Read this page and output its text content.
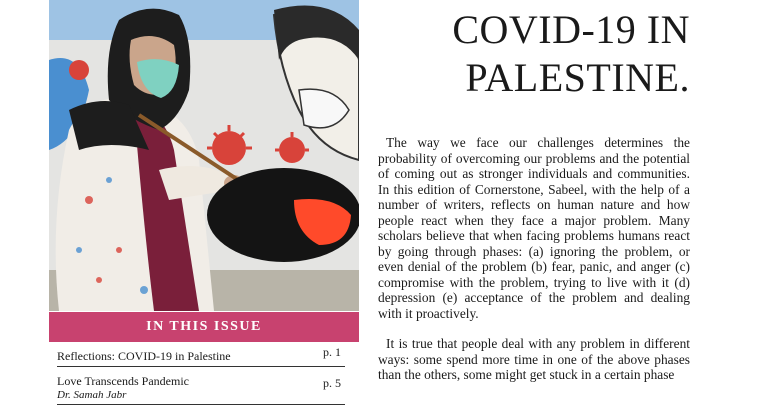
IN THIS ISSUE
Reflections: COVID-19 in Palestine	p. 1
Love Transcends Pandemic
Dr. Samah Jabr
p. 5
COVID-19 IN
PALESTINE.

The way we face our challenges determines the probability of overcoming our problems and the potential of coming out as stronger individuals and communities. In this edition of Cornerstone, Sabeel, with the help of a number of writers, reflects on human nature and how people react when they face a major problem. Many scholars believe that when facing problems humans react by going through phases: (a) ignoring the problem, or even denial of the problem (b) fear, panic, and anger (c) compromise with the problem, trying to live with it (d) depression (e) acceptance of the problem and dealing with it proactively.

It is true that people deal with any problem in different ways: some spend more time in one of the above phases than the others, some might get stuck in a certain phase
